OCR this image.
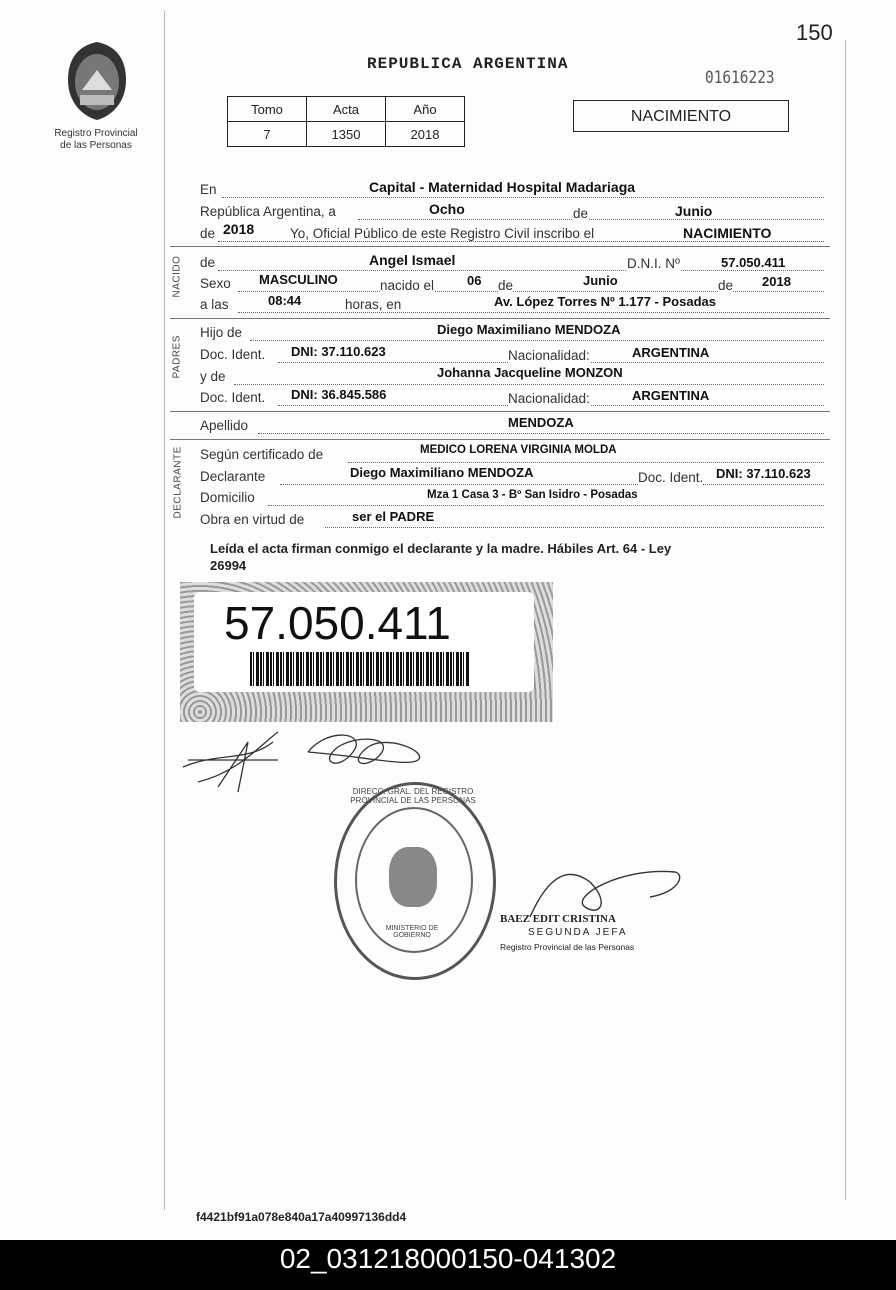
150
Registro Provincial
de las Personas
REPUBLICA ARGENTINA
01616223
NACIMIENTO
Tomo	Acta	Año
7	1350	2018
En	Capital - Maternidad Hospital Madariaga
República Argentina, a	Ocho	de	Junio
de 2018	Yo, Oficial Público de este Registro Civil inscribo el	NACIMIENTO
NACIDO de	Angel Ismael	D.N.I. Nº	57.050.411
Sexo MASCULINO	nacido el	06 de	Junio	de 2018
a las	08:44	horas, en	Av. López Torres Nº 1.177 - Posadas
PADRES
Hijo de	Diego Maximiliano MENDOZA
Doc. Ident. DNI: 37.110.623	Nacionalidad:	ARGENTINA
y de	Johanna Jacqueline MONZON
Doc. Ident. DNI: 36.845.586	Nacionalidad:	ARGENTINA
Apellido	MENDOZA
DECLARANTE Según certificado de	MEDICO LORENA VIRGINIA MOLDA
Declarante	Diego Maximiliano MENDOZA	Doc. Ident. DNI: 37.110.623
Domicilio	Mza 1 Casa 3 - Bº San Isidro - Posadas
Obra en virtud de	ser el PADRE
Leída el acta firman conmigo el declarante y la madre. Hábiles Art. 64 - Ley
26994
57.050.411
DIRECC. GRAL. DEL REGISTRO PROVINCIAL DE LAS PERSONAS
MINISTERIO DE GOBIERNO
BAEZ EDIT CRISTINA
SEGUNDA JEFA
Registro Provincial de las Personas
f4421bf91a078e840a17a40997136dd4
02_031218000150-041302
